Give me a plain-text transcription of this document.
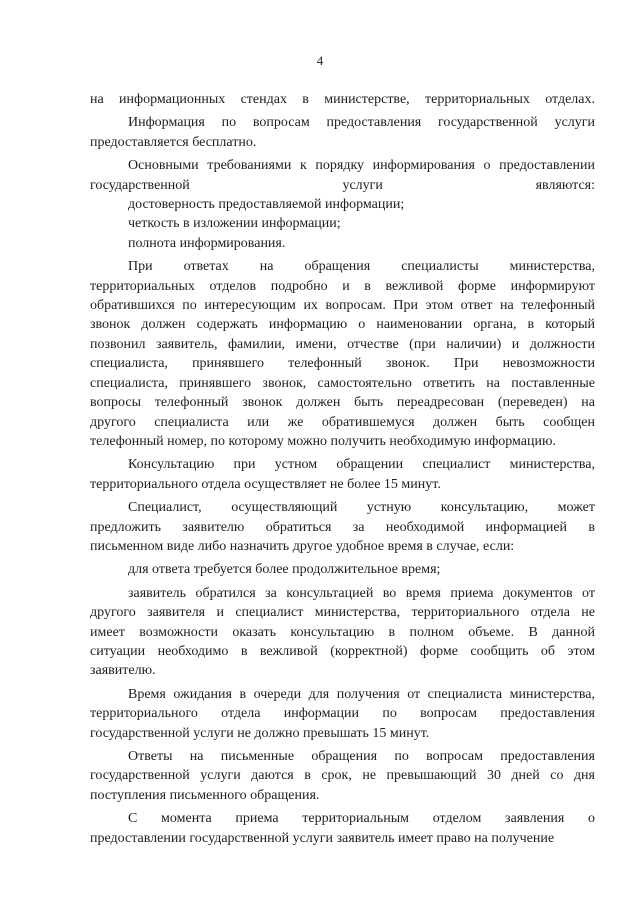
4

на информационных стендах в министерстве, территориальных отделах.

Информация по вопросам предоставления государственной услуги
предоставляется бесплатно.

Основными требованиями к порядку информирования о предоставлении
государственной услуги являются:

достоверность предоставляемой информации;

четкость в изложении информации;

полнота информирования.

При ответах на обращения специалисты министерства,
территориальных отделов подробно и в вежливой форме информируют
обратившихся по интересующим их вопросам. При этом ответ на телефонный
звонок должен содержать информацию о наименовании органа, в который
позвонил заявитель, фамилии, имени, отчестве (при наличии) и должности
специалиста, принявшего телефонный звонок. При невозможности
специалиста, принявшего звонок, самостоятельно ответить на поставленные
вопросы телефонный звонок должен быть переадресован (переведен) на
другого специалиста или же обратившемуся должен быть сообщен
телефонный номер, по которому можно получить необходимую информацию.

Консультацию при устном обращении специалист министерства,
территориального отдела осуществляет не более 15 минут.

Специалист, осуществляющий устную консультацию, может
предложить заявителю обратиться за необходимой информацией в
письменном виде либо назначить другое удобное время в случае, если:

для ответа требуется более продолжительное время;

заявитель обратился за консультацией во время приема документов от
другого заявителя и специалист министерства, территориального отдела не
имеет возможности оказать консультацию в полном объеме. В данной
ситуации необходимо в вежливой (корректной) форме сообщить об этом
заявителю.

Время ожидания в очереди для получения от специалиста министерства,
территориального отдела информации по вопросам предоставления
государственной услуги не должно превышать 15 минут.

Ответы на письменные обращения по вопросам предоставления
государственной услуги даются в срок, не превышающий 30 дней со дня
поступления письменного обращения.

С момента приема территориальным отделом заявления о
предоставлении государственной услуги заявитель имеет право на получение
